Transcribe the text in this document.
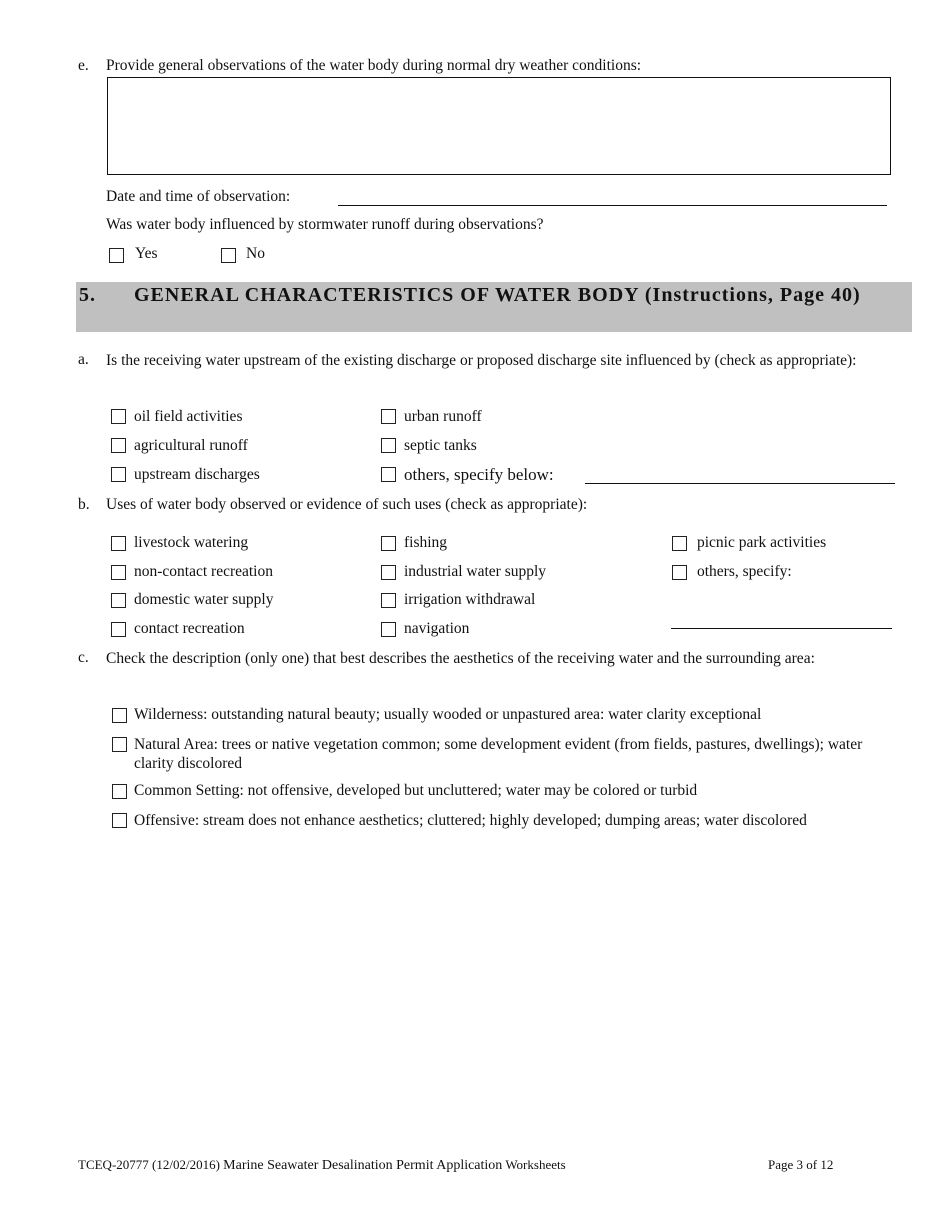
e. Provide general observations of the water body during normal dry weather conditions:
Date and time of observation:
Was water body influenced by stormwater runoff during observations?
Yes	No
5. GENERAL CHARACTERISTICS OF WATER BODY (Instructions, Page 40)
a. Is the receiving water upstream of the existing discharge or proposed discharge site influenced by (check as appropriate):
oil field activities	urban runoff
agricultural runoff	septic tanks
upstream discharges	others, specify below:
b. Uses of water body observed or evidence of such uses (check as appropriate):
livestock watering	fishing	picnic park activities
non-contact recreation	industrial water supply	others, specify:
domestic water supply	irrigation withdrawal
contact recreation	navigation
c. Check the description (only one) that best describes the aesthetics of the receiving water and the surrounding area:
Wilderness: outstanding natural beauty; usually wooded or unpastured area: water clarity exceptional
Natural Area: trees or native vegetation common; some development evident (from fields, pastures, dwellings); water clarity discolored
Common Setting: not offensive, developed but uncluttered; water may be colored or turbid
Offensive: stream does not enhance aesthetics; cluttered; highly developed; dumping areas; water discolored
TCEQ-20777 (12/02/2016) Marine Seawater Desalination Permit Application Worksheets	Page 3 of 12
